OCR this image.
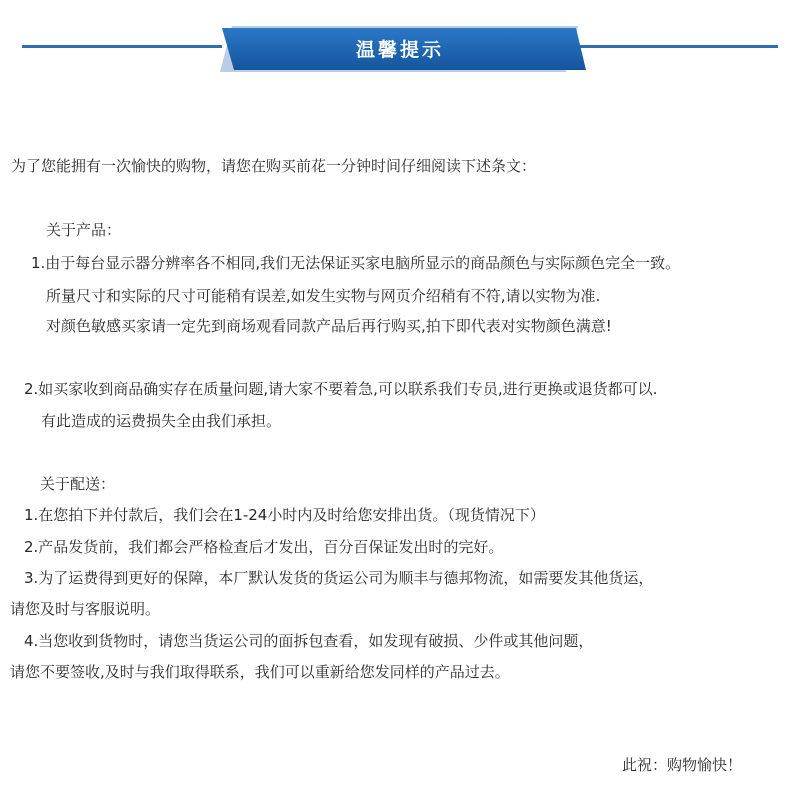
温馨提示
为了您能拥有一次愉快的购物，请您在购买前花一分钟时间仔细阅读下述条文：
关于产品：
1.由于每台显示器分辨率各不相同,我们无法保证买家电脑所显示的商品颜色与实际颜色完全一致。
所量尺寸和实际的尺寸可能稍有误差,如发生实物与网页介绍稍有不符,请以实物为准.
对颜色敏感买家请一定先到商场观看同款产品后再行购买,拍下即代表对实物颜色满意!
2.如买家收到商品确实存在质量问题,请大家不要着急,可以联系我们专员,进行更换或退货都可以.
有此造成的运费损失全由我们承担。
关于配送：
1.在您拍下并付款后，我们会在1-24小时内及时给您安排出货。（现货情况下）
2.产品发货前，我们都会严格检查后才发出，百分百保证发出时的完好。
3.为了运费得到更好的保障，本厂默认发货的货运公司为顺丰与德邦物流，如需要发其他货运，
请您及时与客服说明。
4.当您收到货物时，请您当货运公司的面拆包查看，如发现有破损、少件或其他问题，
请您不要签收,及时与我们取得联系，我们可以重新给您发同样的产品过去。
此祝：购物愉快！
